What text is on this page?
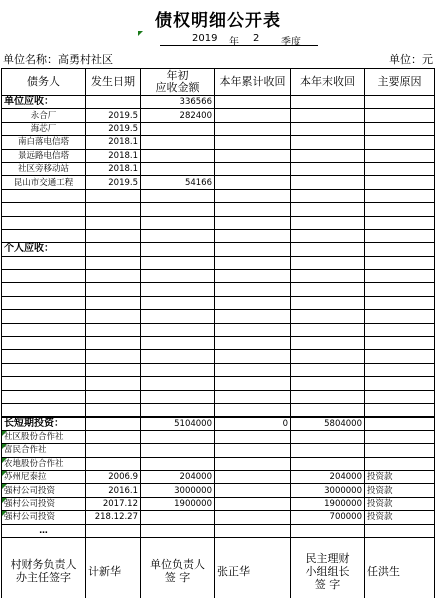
债权明细公开表
2019 年 2 季度
单位名称：高勇村社区	单位：元
债务人	发生日期	年初
应收金额	本年累计收回	本年末收回	主要原因
单位应收：		336566			
永合厂	2019.5	282400			
海芯厂	2019.5				
南白落电信塔	2018.1				
景远路电信塔	2018.1				
社区旁移动站	2018.1				
昆山市交通工程	2019.5	54166			

个人应收：					

长短期投资：		5104000	0	5804000	
社区股份合作社

富民合作社

农地股份合作社

苏州尼泰拉	2006.9	204000		204000	投资款
强村公司投资	2016.1	3000000		3000000	投资款
强村公司投资	2017.12	1900000		1900000	投资款
强村公司投资	218.12.27			700000	投资款
…					
村财务负责人
办主任签字	计新华	单位负责人
签 字	张正华	民主理财
小组组长
签 字	任洪生
